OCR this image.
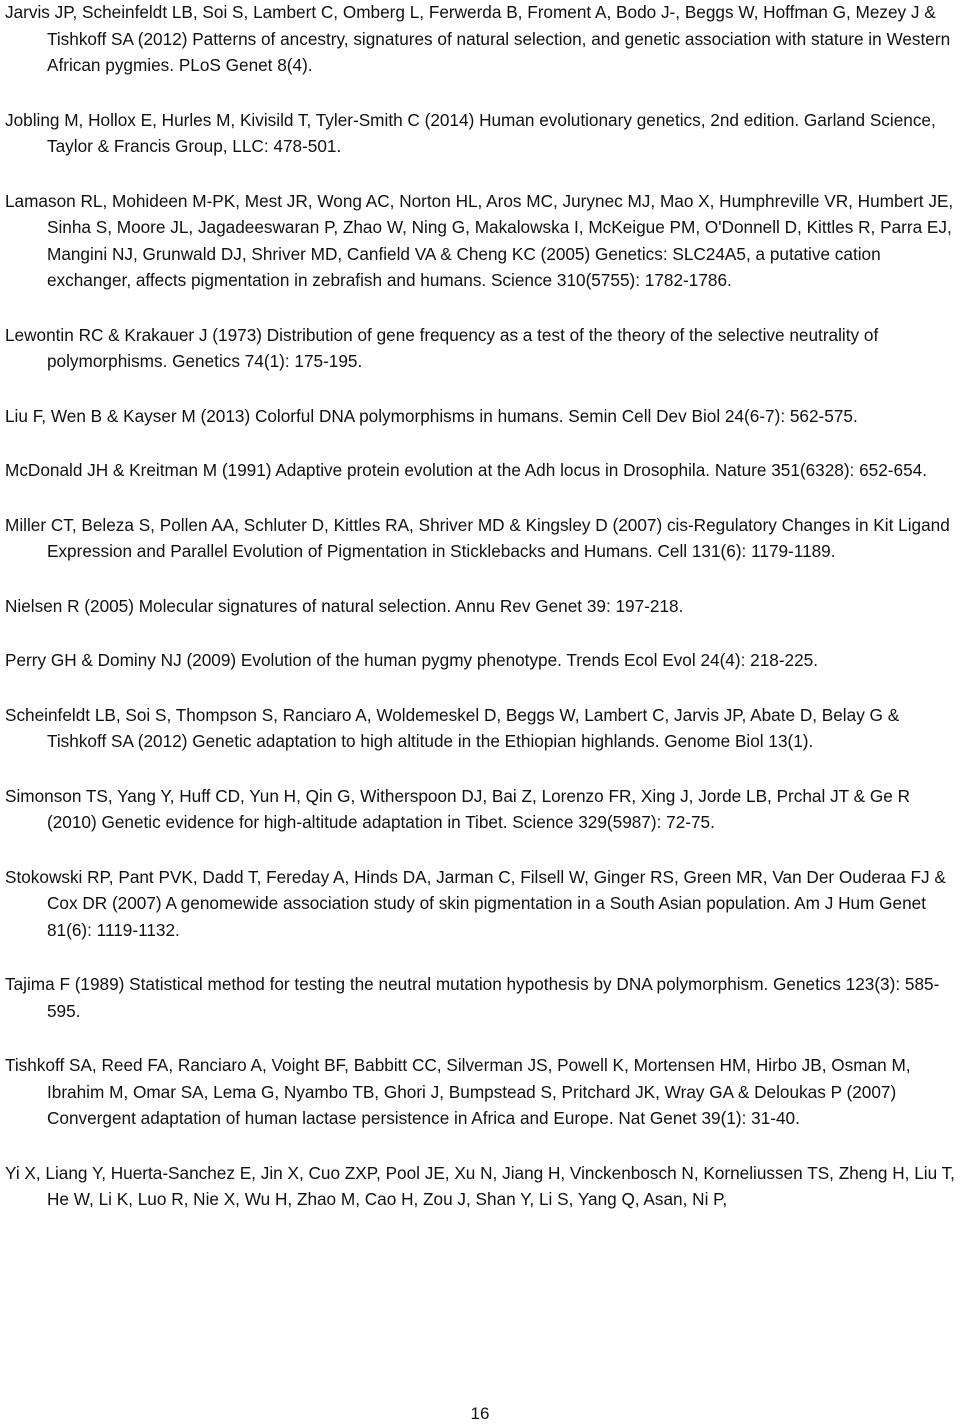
Jarvis JP, Scheinfeldt LB, Soi S, Lambert C, Omberg L, Ferwerda B, Froment A, Bodo J-, Beggs W, Hoffman G, Mezey J & Tishkoff SA (2012) Patterns of ancestry, signatures of natural selection, and genetic association with stature in Western African pygmies. PLoS Genet 8(4).
Jobling M, Hollox E, Hurles M, Kivisild T, Tyler-Smith C (2014) Human evolutionary genetics, 2nd edition. Garland Science, Taylor & Francis Group, LLC: 478-501.
Lamason RL, Mohideen M-PK, Mest JR, Wong AC, Norton HL, Aros MC, Jurynec MJ, Mao X, Humphreville VR, Humbert JE, Sinha S, Moore JL, Jagadeeswaran P, Zhao W, Ning G, Makalowska I, McKeigue PM, O'Donnell D, Kittles R, Parra EJ, Mangini NJ, Grunwald DJ, Shriver MD, Canfield VA & Cheng KC (2005) Genetics: SLC24A5, a putative cation exchanger, affects pigmentation in zebrafish and humans. Science 310(5755): 1782-1786.
Lewontin RC & Krakauer J (1973) Distribution of gene frequency as a test of the theory of the selective neutrality of polymorphisms. Genetics 74(1): 175-195.
Liu F, Wen B & Kayser M (2013) Colorful DNA polymorphisms in humans. Semin Cell Dev Biol 24(6-7): 562-575.
McDonald JH & Kreitman M (1991) Adaptive protein evolution at the Adh locus in Drosophila. Nature 351(6328): 652-654.
Miller CT, Beleza S, Pollen AA, Schluter D, Kittles RA, Shriver MD & Kingsley D (2007) cis-Regulatory Changes in Kit Ligand Expression and Parallel Evolution of Pigmentation in Sticklebacks and Humans. Cell 131(6): 1179-1189.
Nielsen R (2005) Molecular signatures of natural selection. Annu Rev Genet 39: 197-218.
Perry GH & Dominy NJ (2009) Evolution of the human pygmy phenotype. Trends Ecol Evol 24(4): 218-225.
Scheinfeldt LB, Soi S, Thompson S, Ranciaro A, Woldemeskel D, Beggs W, Lambert C, Jarvis JP, Abate D, Belay G & Tishkoff SA (2012) Genetic adaptation to high altitude in the Ethiopian highlands. Genome Biol 13(1).
Simonson TS, Yang Y, Huff CD, Yun H, Qin G, Witherspoon DJ, Bai Z, Lorenzo FR, Xing J, Jorde LB, Prchal JT & Ge R (2010) Genetic evidence for high-altitude adaptation in Tibet. Science 329(5987): 72-75.
Stokowski RP, Pant PVK, Dadd T, Fereday A, Hinds DA, Jarman C, Filsell W, Ginger RS, Green MR, Van Der Ouderaa FJ & Cox DR (2007) A genomewide association study of skin pigmentation in a South Asian population. Am J Hum Genet 81(6): 1119-1132.
Tajima F (1989) Statistical method for testing the neutral mutation hypothesis by DNA polymorphism. Genetics 123(3): 585-595.
Tishkoff SA, Reed FA, Ranciaro A, Voight BF, Babbitt CC, Silverman JS, Powell K, Mortensen HM, Hirbo JB, Osman M, Ibrahim M, Omar SA, Lema G, Nyambo TB, Ghori J, Bumpstead S, Pritchard JK, Wray GA & Deloukas P (2007) Convergent adaptation of human lactase persistence in Africa and Europe. Nat Genet 39(1): 31-40.
Yi X, Liang Y, Huerta-Sanchez E, Jin X, Cuo ZXP, Pool JE, Xu N, Jiang H, Vinckenbosch N, Korneliussen TS, Zheng H, Liu T, He W, Li K, Luo R, Nie X, Wu H, Zhao M, Cao H, Zou J, Shan Y, Li S, Yang Q, Asan, Ni P,
16
